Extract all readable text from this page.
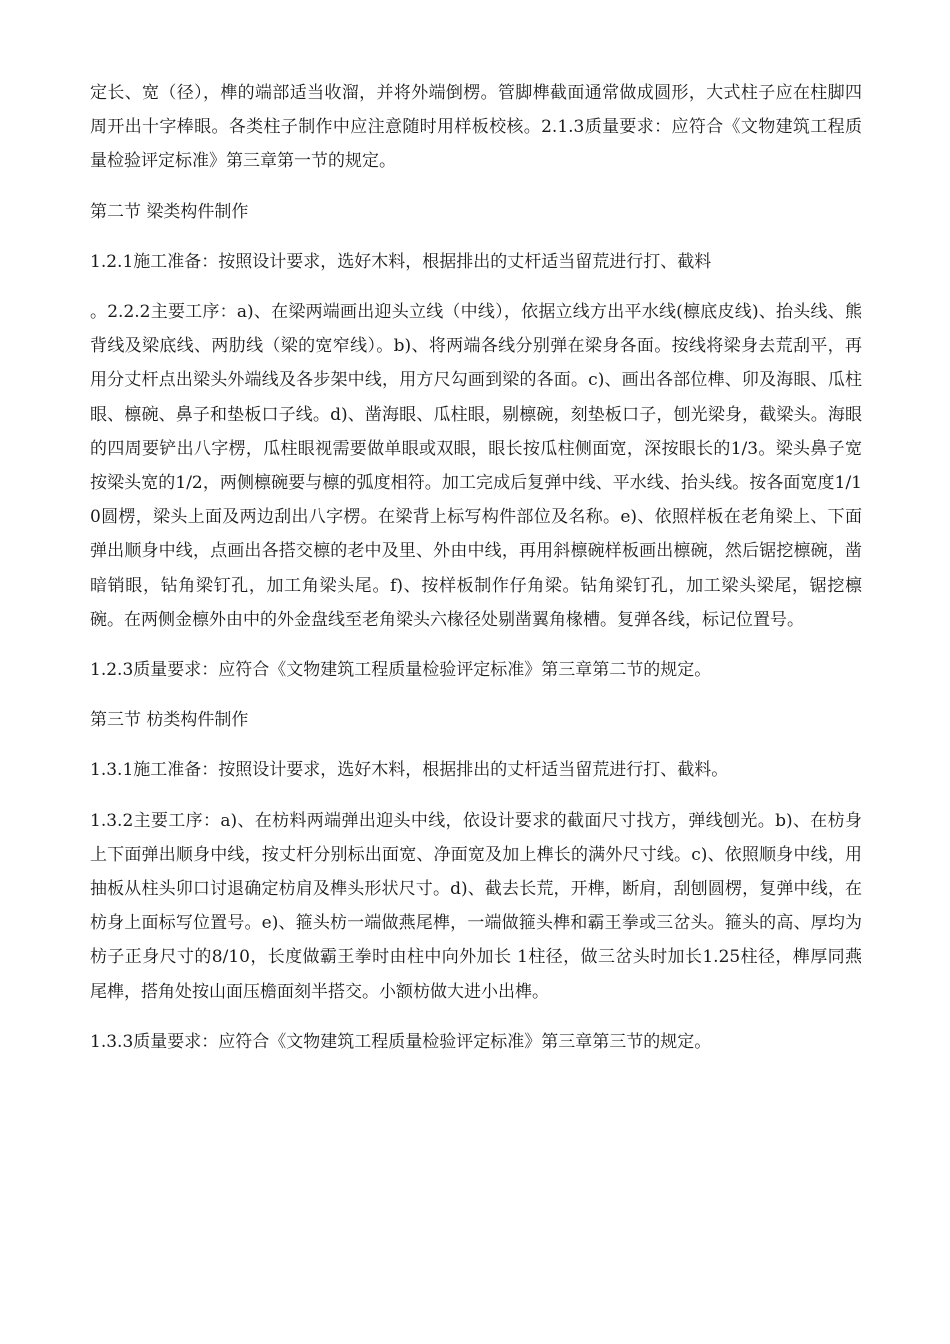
定长、宽（径），榫的端部适当收溜，并将外端倒楞。管脚榫截面通常做成圆形，大式柱子应在柱脚四周开出十字棒眼。各类柱子制作中应注意随时用样板校核。2.1.3质量要求：应符合《文物建筑工程质量检验评定标准》第三章第一节的规定。

第二节 梁类构件制作

1.2.1施工准备：按照设计要求，选好木料，根据排出的丈杆适当留荒进行打、截料

。2.2.2主要工序：a)、在梁两端画出迎头立线（中线），依据立线方出平水线(檩底皮线)、抬头线、熊背线及梁底线、两肋线（梁的宽窄线）。b)、将两端各线分别弹在梁身各面。按线将梁身去荒刮平，再用分丈杆点出梁头外端线及各步架中线，用方尺勾画到梁的各面。c)、画出各部位榫、卯及海眼、瓜柱眼、檩碗、鼻子和垫板口子线。d)、凿海眼、瓜柱眼，剔檩碗，刻垫板口子，刨光梁身，截梁头。海眼的四周要铲出八字楞，瓜柱眼视需要做单眼或双眼，眼长按瓜柱侧面宽，深按眼长的1/3。梁头鼻子宽按梁头宽的1/2，两侧檩碗要与檩的弧度相符。加工完成后复弹中线、平水线、抬头线。按各面宽度1/10圆楞，梁头上面及两边刮出八字楞。在梁背上标写构件部位及名称。e)、依照样板在老角梁上、下面弹出顺身中线，点画出各搭交檩的老中及里、外由中线，再用斜檩碗样板画出檩碗，然后锯挖檩碗，凿暗销眼，钻角梁钉孔，加工角梁头尾。f)、按样板制作仔角梁。钻角梁钉孔，加工梁头梁尾，锯挖檩碗。在两侧金檩外由中的外金盘线至老角梁头六椽径处剔凿翼角椽槽。复弹各线，标记位置号。

1.2.3质量要求：应符合《文物建筑工程质量检验评定标准》第三章第二节的规定。

第三节 枋类构件制作

1.3.1施工准备：按照设计要求，选好木料，根据排出的丈杆适当留荒进行打、截料。

1.3.2主要工序：a)、在枋料两端弹出迎头中线，依设计要求的截面尺寸找方，弹线刨光。b)、在枋身上下面弹出顺身中线，按丈杆分别标出面宽、净面宽及加上榫长的满外尺寸线。c)、依照顺身中线，用抽板从柱头卯口讨退确定枋肩及榫头形状尺寸。d)、截去长荒，开榫，断肩，刮刨圆楞，复弹中线，在枋身上面标写位置号。e)、箍头枋一端做燕尾榫，一端做箍头榫和霸王拳或三岔头。箍头的高、厚均为枋子正身尺寸的8/10，长度做霸王拳时由柱中向外加长 1柱径，做三岔头时加长1.25柱径，榫厚同燕尾榫，搭角处按山面压檐面刻半搭交。小额枋做大进小出榫。

1.3.3质量要求：应符合《文物建筑工程质量检验评定标准》第三章第三节的规定。
